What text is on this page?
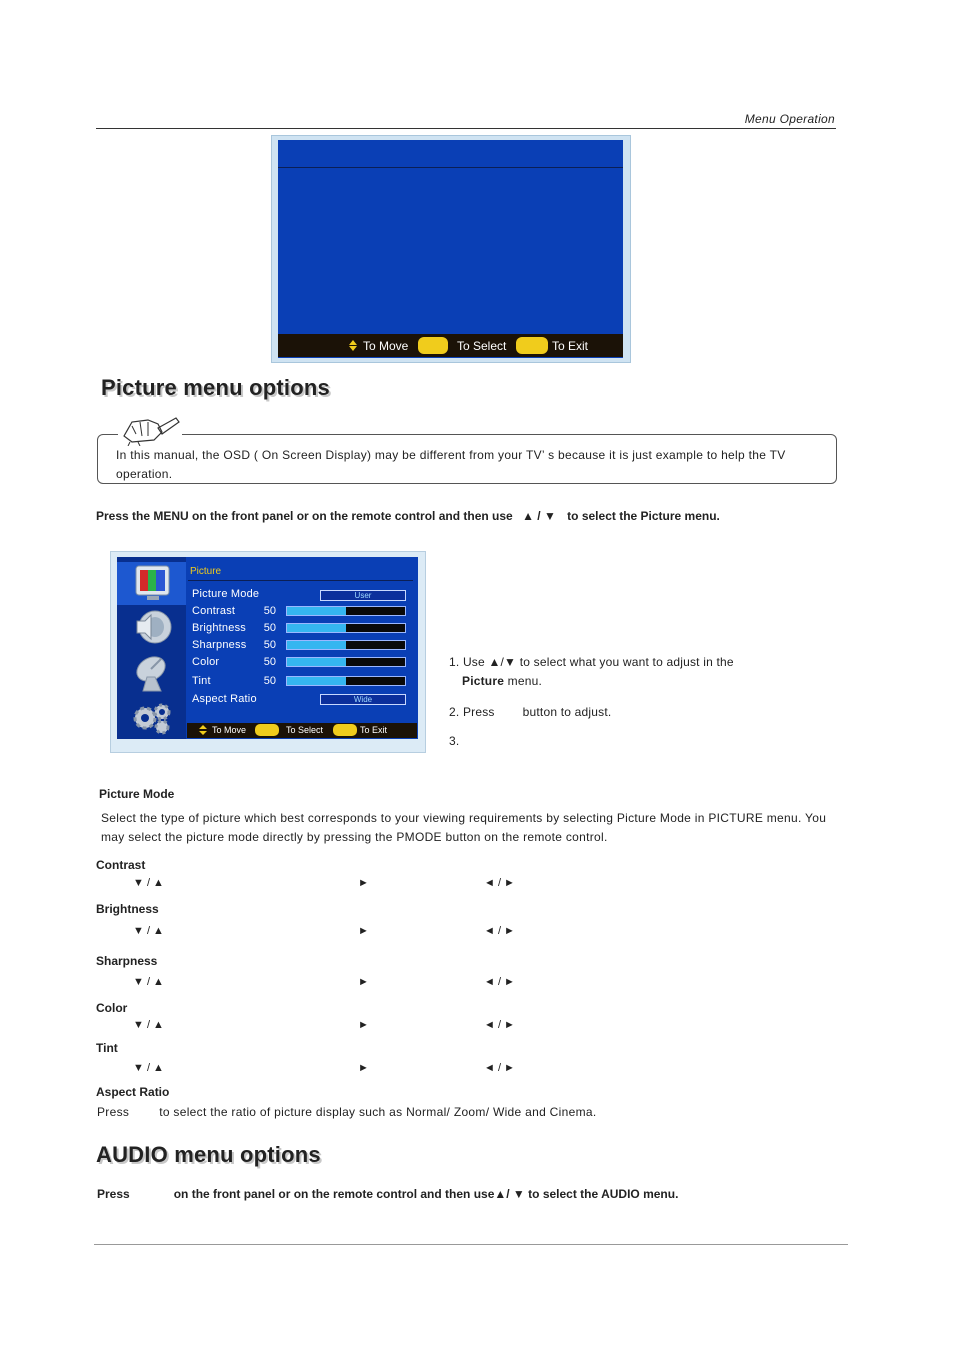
Menu Operation
To Move	To Select	To Exit
Picture menu options
In this manual, the OSD ( On Screen Display) may be different from your TV’ s because it is just example to help the TV operation.
Press the MENU on the front panel or on the remote control and then use ▲ / ▼ to select the Picture menu.
Picture
Picture Mode	User
Contrast	50
Brightness 50
Sharpness 50
Color	50
Tint	50
Aspect Ratio	Wide
To Move	To Select	To Exit
1. Use ▲/▼ to select what you want to adjust in the
Picture menu.
2. Press button to adjust.
3.
Picture Mode
Select the type of picture which best corresponds to your viewing requirements by selecting Picture Mode in PICTURE menu. You may select the picture mode directly by pressing the PMODE button on the remote control.
Contrast
▼ / ▲	►	◄ / ►
Brightness
▼ / ▲	►	◄ / ►
Sharpness
▼ / ▲	►	◄ / ►
Color
▼ / ▲	►	◄ / ►
Tint
▼ / ▲	►	◄ / ►
Aspect Ratio
Press	to select the ratio of picture display such as Normal/ Zoom/ Wide and Cinema.
AUDIO menu options
Press	on the front panel or on the remote control and then use▲/ ▼ to select the AUDIO menu.
